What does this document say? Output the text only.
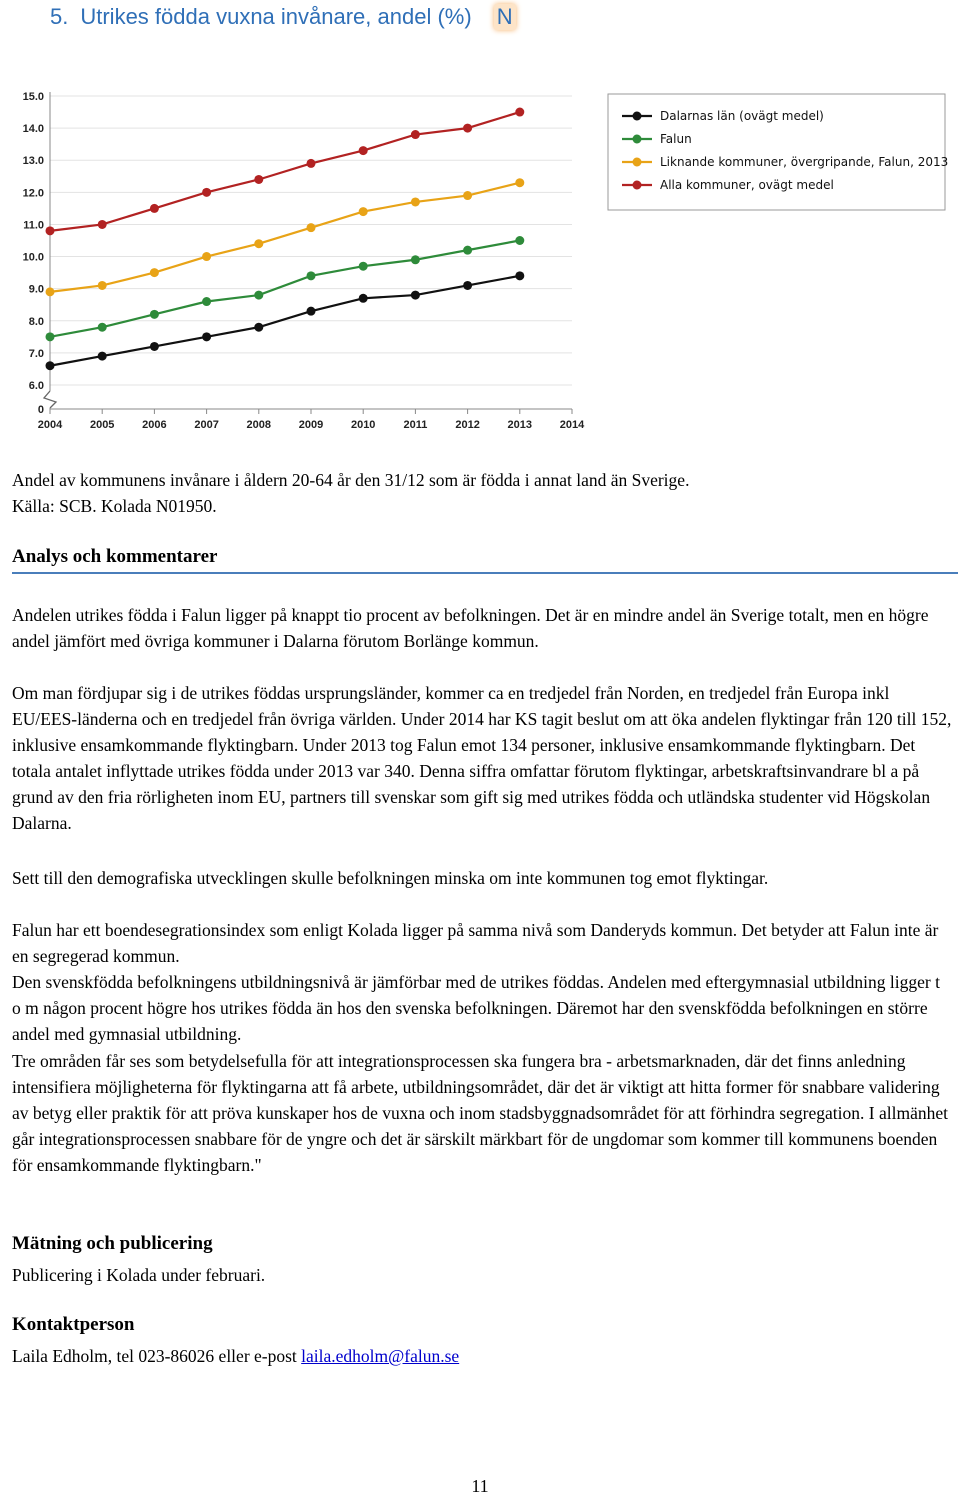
5. Utrikes födda vuxna invånare, andel (%) N
0
6.0
7.0
8.0
9.0
10.0
11.0
12.0
13.0
14.0
15.0
2004	2005	2006	2007	2008	2009	2010	2011	2012	2013	2014
Dalarnas län (ovägt medel)
Falun
Liknande kommuner, övergripande, Falun, 2013
Alla kommuner, ovägt medel

Andel av kommunens invånare i åldern 20-64 år den 31/12 som är födda i annat land än Sverige.

Källa: SCB. Kolada N01950.

Analys och kommentarer

Andelen utrikes födda i Falun ligger på knappt tio procent av befolkningen. Det är en mindre andel än Sverige totalt, men en högre andel jämfört med övriga kommuner i Dalarna förutom Borlänge kommun.

Om man fördjupar sig i de utrikes föddas ursprungsländer, kommer ca en tredjedel från Norden, en tredjedel från Europa inkl EU/EES-länderna och en tredjedel från övriga världen. Under 2014 har KS tagit beslut om att öka andelen flyktingar från 120 till 152, inklusive ensamkommande flyktingbarn. Under 2013 tog Falun emot 134 personer, inklusive ensamkommande flyktingbarn. Det totala antalet inflyttade utrikes födda under 2013 var 340. Denna siffra omfattar förutom flyktingar, arbetskraftsinvandrare bl a på grund av den fria rörligheten inom EU, partners till svenskar som gift sig med utrikes födda och utländska studenter vid Högskolan Dalarna.

Sett till den demografiska utvecklingen skulle befolkningen minska om inte kommunen tog emot flyktingar.

Falun har ett boendesegrationsindex som enligt Kolada ligger på samma nivå som Danderyds kommun. Det betyder att Falun inte är en segregerad kommun.

Den svenskfödda befolkningens utbildningsnivå är jämförbar med de utrikes föddas. Andelen med eftergymnasial utbildning ligger t o m någon procent högre hos utrikes födda än hos den svenska befolkningen. Däremot har den svenskfödda befolkningen en större andel med gymnasial utbildning.

Tre områden får ses som betydelsefulla för att integrationsprocessen ska fungera bra - arbetsmarknaden, där det finns anledning intensifiera möjligheterna för flyktingarna att få arbete, utbildningsområdet, där det är viktigt att hitta former för snabbare validering av betyg eller praktik för att pröva kunskaper hos de vuxna och inom stadsbyggnadsområdet för att förhindra segregation. I allmänhet går integrationsprocessen snabbare för de yngre och det är särskilt märkbart för de ungdomar som kommer till kommunens boenden för ensamkommande flyktingbarn."

Mätning och publicering

Publicering i Kolada under februari.

Kontaktperson

Laila Edholm, tel 023-86026 eller e-post laila.edholm@falun.se

11
